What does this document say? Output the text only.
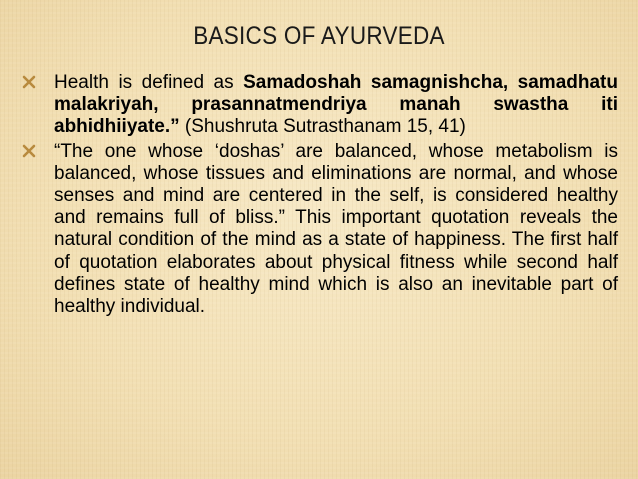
BASICS OF AYURVEDA
Health is defined as Samadoshah samagnishcha, samadhatu malakriyah, prasannatmendriya manah swastha iti abhidhiiyate.” (Shushruta Sutrasthanam 15, 41)
“The one whose ‘doshas’ are balanced, whose metabolism is balanced, whose tissues and eliminations are normal, and whose senses and mind are centered in the self, is considered healthy and remains full of bliss.” This important quotation reveals the natural condition of the mind as a state of happiness. The first half of quotation elaborates about physical fitness while second half defines state of healthy mind which is also an inevitable part of healthy individual.
